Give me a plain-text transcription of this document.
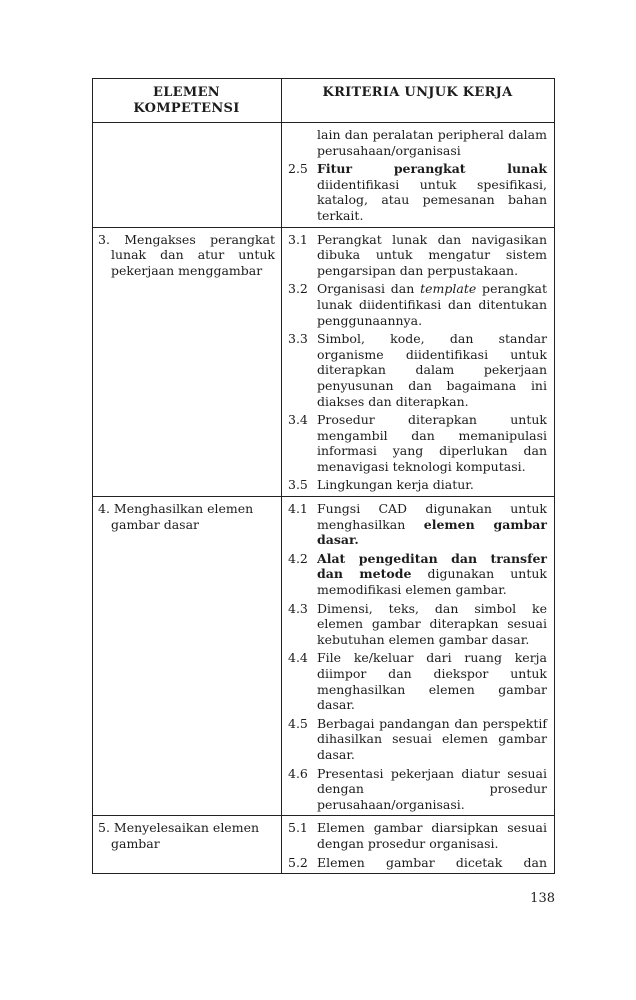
ELEMEN KOMPETENSI
KRITERIA UNJUK KERJA
lain dan peralatan peripheral dalam perusahaan/organisasi
2.5 Fitur perangkat lunak diidentifikasi untuk spesifikasi, katalog, atau pemesanan bahan terkait.
3. Mengakses perangkat lunak dan atur untuk pekerjaan menggambar
3.1 Perangkat lunak dan navigasikan dibuka untuk mengatur sistem pengarsipan dan perpustakaan.
3.2 Organisasi dan template perangkat lunak diidentifikasi dan ditentukan penggunaannya.
3.3 Simbol, kode, dan standar organisme diidentifikasi untuk diterapkan dalam pekerjaan penyusunan dan bagaimana ini diakses dan diterapkan.
3.4 Prosedur diterapkan untuk mengambil dan memanipulasi informasi yang diperlukan dan menavigasi teknologi komputasi.
3.5 Lingkungan kerja diatur.
4. Menghasilkan elemen gambar dasar
4.1 Fungsi CAD digunakan untuk menghasilkan elemen gambar dasar.
4.2 Alat pengeditan dan transfer dan metode digunakan untuk memodifikasi elemen gambar.
4.3 Dimensi, teks, dan simbol ke elemen gambar diterapkan sesuai kebutuhan elemen gambar dasar.
4.4 File ke/keluar dari ruang kerja diimpor dan diekspor untuk menghasilkan elemen gambar dasar.
4.5 Berbagai pandangan dan perspektif dihasilkan sesuai elemen gambar dasar.
4.6 Presentasi pekerjaan diatur sesuai dengan prosedur perusahaan/organisasi.
5. Menyelesaikan elemen gambar
5.1 Elemen gambar diarsipkan sesuai dengan prosedur organisasi.
5.2 Elemen gambar dicetak dan
138
